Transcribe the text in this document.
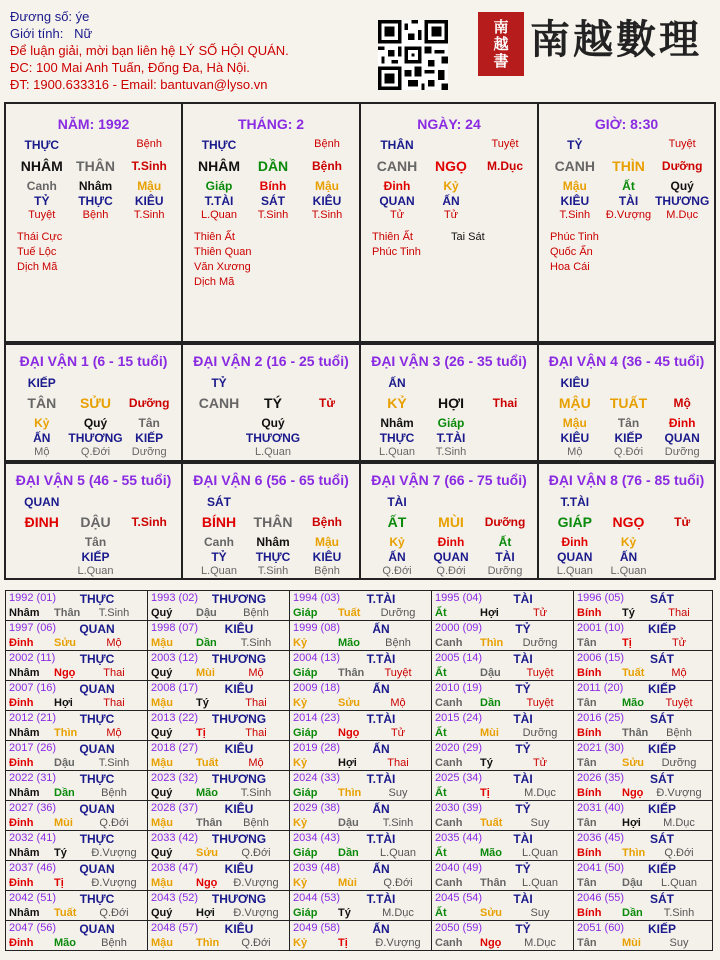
Đương số: ýe
Giới tính: Nữ
Để luận giải, mời bạn liên hệ LÝ SỐ HỘI QUÁN.
ĐC: 100 Mai Anh Tuấn, Đống Đa, Hà Nội.
ĐT: 1900.633316 - Email: bantuvan@lyso.vn
南越書 南越數理
NĂM: 1992
THỰC	Bệnh
NHÂM THÂN T.Sinh
Canh Nhâm Mậu
TỶ THỰC KIÊU
Tuyệt Bệnh T.Sinh
Thái Cực
Tuế Lộc
Dịch Mã
THÁNG: 2
THỰC	Bệnh
NHÂM DẦN Bệnh
Giáp Bính Mậu
T.TÀI SÁT KIÊU
L.Quan T.Sinh T.Sinh
Thiên Ất
Thiên Quan
Văn Xương
Dịch Mã
NGÀY: 24
THÂN	Tuyệt
CANH NGỌ M.Dục
Đinh	Kỷ
QUAN ẤN
Tử	Tử
Thiên Ất
Phúc Tinh
Tai Sát
GIỜ: 8:30
TỶ	Tuyệt
CANH THÌN Dưỡng
Mậu	Ất	Quý
KIÊU TÀI THƯƠNG
T.Sinh Đ.Vượng M.Dục
Phúc Tinh
Quốc Ấn
Hoa Cái
ĐẠI VẬN 1 (6 - 15 tuổi)
KIẾP
TÂN SỬU Dưỡng
Kỷ	Quý	Tân
ẤN THƯƠNG KIẾP
Mộ	Q.Đới Dưỡng
ĐẠI VẬN 2 (16 - 25 tuổi)
TỶ
CANH TÝ	Tử
Quý
THƯƠNG
L.Quan
ĐẠI VẬN 3 (26 - 35 tuổi)
ẤN
KỶ HỢI Thai
Nhâm Giáp
THỰC T.TÀI
L.Quan T.Sinh
ĐẠI VẬN 4 (36 - 45 tuổi)
KIÊU
MẬU TUẤT Mộ
Mậu	Tân Đinh
KIÊU KIẾP QUAN
Mộ	Q.Đới Dưỡng
ĐẠI VẬN 5 (46 - 55 tuổi)
QUAN
ĐINH DẬU T.Sinh
Tân
KIẾP
L.Quan
ĐẠI VẬN 6 (56 - 65 tuổi)
SÁT
BÍNH THÂN Bệnh
Canh Nhâm Mậu
TỶ THỰC KIÊU
L.Quan T.Sinh Bệnh
ĐẠI VẬN 7 (66 - 75 tuổi)
TÀI
ẤT MÙI Dưỡng
Kỷ	Đinh	Ất
ẤN QUAN TÀI
Q.Đới Q.Đới Dưỡng
ĐẠI VẬN 8 (76 - 85 tuổi)
T.TÀI
GIÁP NGỌ Tử
Đinh	Kỷ
QUAN ẤN
L.Quan L.Quan
1992 (01)	THỰC
Nhâm Thân	T.Sinh
1993 (02)	THƯƠNG
Quý Dậu	Bệnh
1994 (03)	T.TÀI
Giáp Tuất	Dưỡng
1995 (04)	TÀI
Ất	Hợi	Tử
1996 (05)	SÁT
Bính Tý	Thai
1997 (06)	QUAN
Đinh Sửu	Mộ
1998 (07)	KIÊU
Mậu Dần	T.Sinh
1999 (08)	ẤN
Kỷ	Mão	Bệnh
2000 (09)	TỶ
Canh Thìn	Dưỡng
2001 (10)	KIẾP
Tân Tị	Tử
2002 (11)	THỰC
Nhâm Ngọ	Thai
2003 (12)	THƯƠNG
Quý Mùi	Mộ
2004 (13)	T.TÀI
Giáp Thân	Tuyệt
2005 (14)	TÀI
Ất	Dậu	Tuyệt
2006 (15)	SÁT
Bính Tuất	Mộ
2007 (16)	QUAN
Đinh Hợi	Thai
2008 (17)	KIÊU
Mậu Tý	Thai
2009 (18)	ẤN
Kỷ	Sửu	Mộ
2010 (19)	TỶ
Canh Dần	Tuyệt
2011 (20)	KIẾP
Tân Mão	Tuyệt
2012 (21)	THỰC
Nhâm Thìn	Mộ
2013 (22)	THƯƠNG
Quý Tị	Thai
2014 (23)	T.TÀI
Giáp Ngọ	Tử
2015 (24)	TÀI
Ất	Mùi	Dưỡng
2016 (25)	SÁT
Bính Thân	Bệnh
2017 (26)	QUAN
Đinh Dậu	T.Sinh
2018 (27)	KIÊU
Mậu Tuất	Mộ
2019 (28)	ẤN
Kỷ	Hợi	Thai
2020 (29)	TỶ
Canh Tý	Tử
2021 (30)	KIẾP
Tân Sửu	Dưỡng
2022 (31)	THỰC
Nhâm Dần	Bệnh
2023 (32)	THƯƠNG
Quý Mão	T.Sinh
2024 (33)	T.TÀI
Giáp Thìn	Suy
2025 (34)	TÀI
Ất	Tị	M.Dục
2026 (35)	SÁT
Bính Ngọ	Đ.Vượng
2027 (36)	QUAN
Đinh Mùi	Q.Đới
2028 (37)	KIÊU
Mậu Thân	Bệnh
2029 (38)	ẤN
Kỷ	Dậu	T.Sinh
2030 (39)	TỶ
Canh Tuất	Suy
2031 (40)	KIẾP
Tân Hợi	M.Dục
2032 (41)	THỰC
Nhâm Tý	Đ.Vượng
2033 (42)	THƯƠNG
Quý Sửu	Q.Đới
2034 (43)	T.TÀI
Giáp Dần	L.Quan
2035 (44)	TÀI
Ất	Mão	L.Quan
2036 (45)	SÁT
Bính Thìn	Q.Đới
2037 (46)	QUAN
Đinh Tị	Đ.Vượng
2038 (47)	KIÊU
Mậu Ngọ	Đ.Vượng
2039 (48)	ẤN
Kỷ	Mùi	Q.Đới
2040 (49)	TỶ
Canh Thân	L.Quan
2041 (50)	KIẾP
Tân Dậu	L.Quan
2042 (51)	THỰC
Nhâm Tuất	Q.Đới
2043 (52)	THƯƠNG
Quý Hợi	Đ.Vượng
2044 (53)	T.TÀI
Giáp Tý	M.Dục
2045 (54)	TÀI
Ất	Sửu	Suy
2046 (55)	SÁT
Bính Dần	T.Sinh
2047 (56)	QUAN
Đinh Mão	Bệnh
2048 (57)	KIÊU
Mậu Thìn	Q.Đới
2049 (58)	ẤN
Kỷ	Tị	Đ.Vượng
2050 (59)	TỶ
Canh Ngọ	M.Dục
2051 (60)	KIẾP
Tân Mùi	Suy
